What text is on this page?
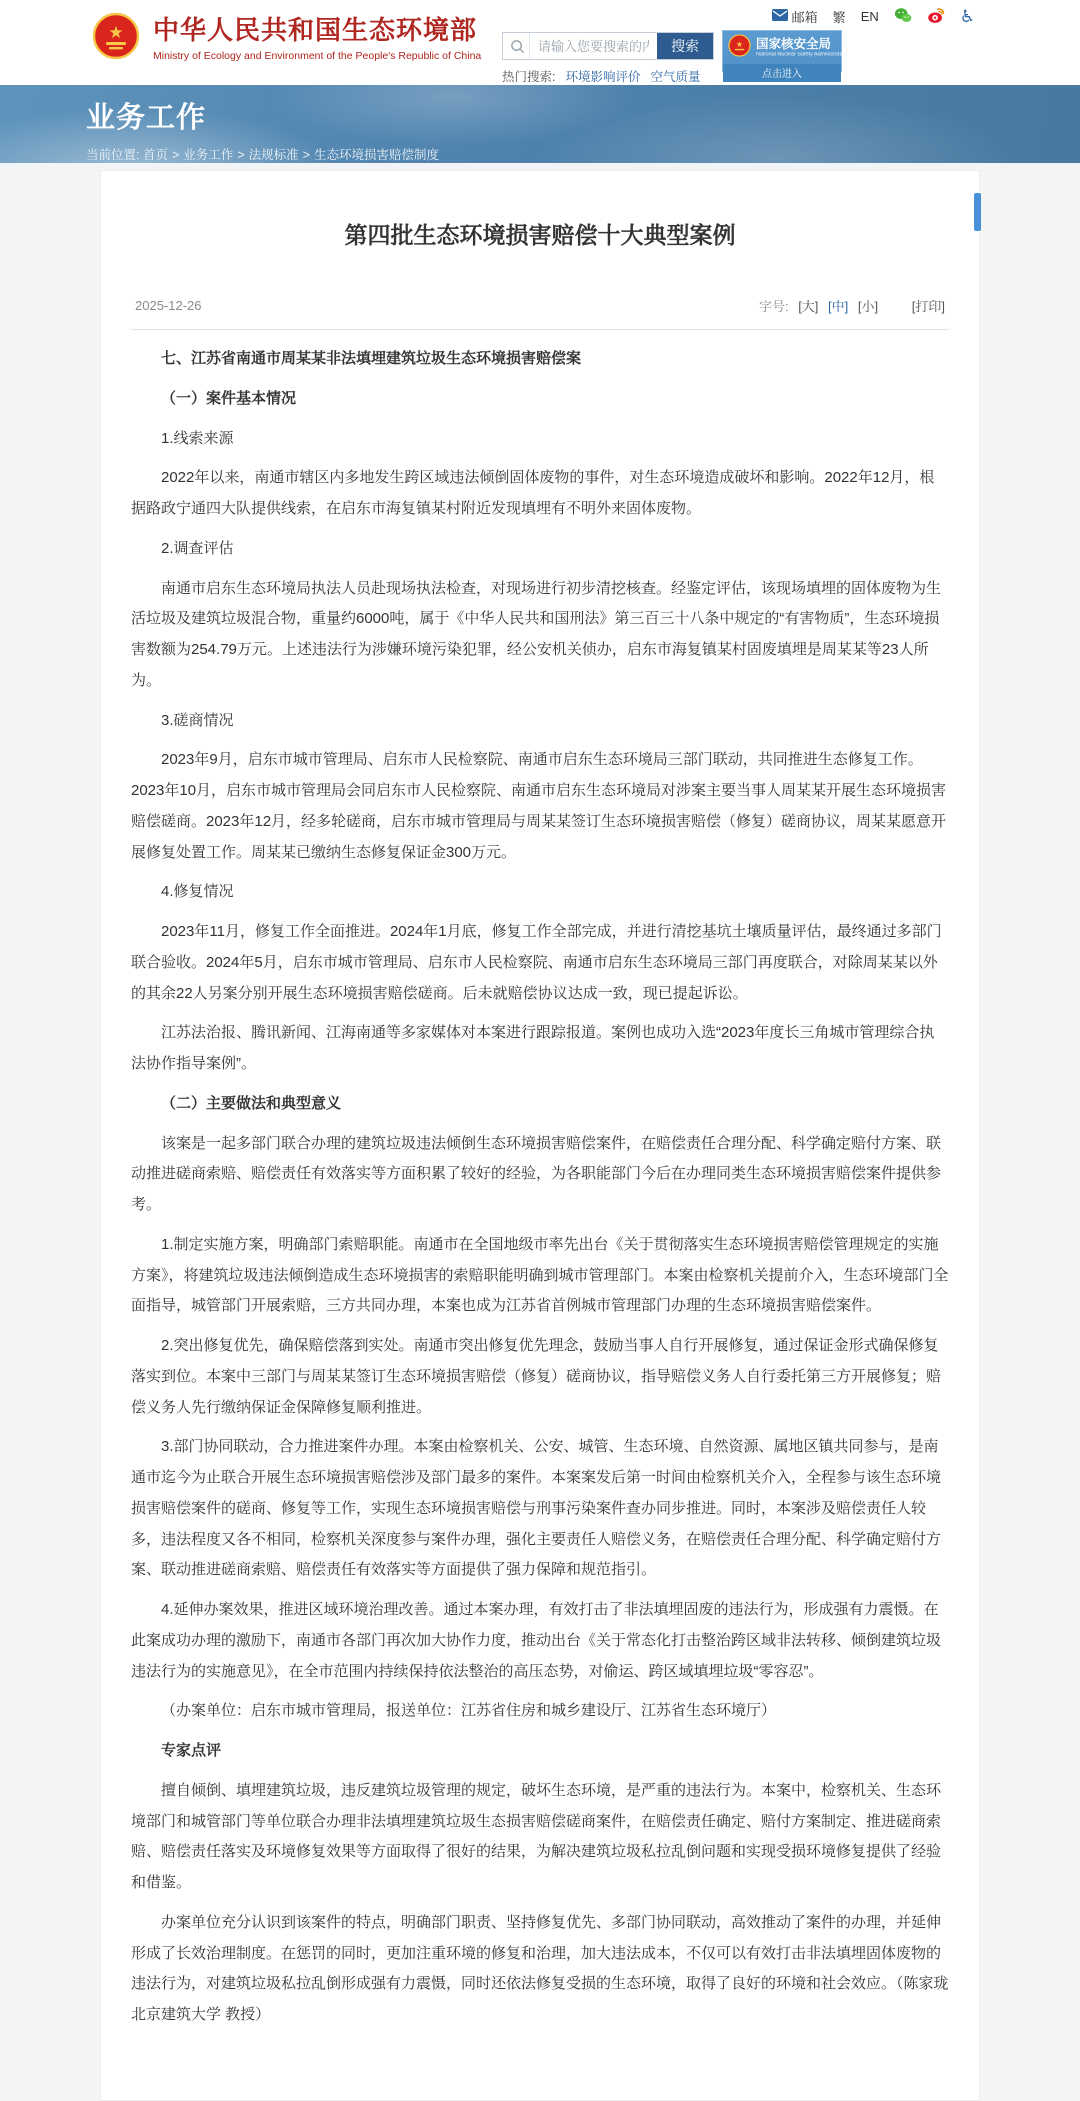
邮箱 繁 EN	♿
★ 中华人民共和国生态环境部
Ministry of Ecology and Environment of the People's Republic of China
请输入您要搜索的内容
搜索
热门搜索: 环境影响评价 空气质量
★ 国家核安全局
National Nuclear Safety Administration
点击进入
业务工作
当前位置: 首页 > 业务工作 > 法规标准 > 生态环境损害赔偿制度
第四批生态环境损害赔偿十大典型案例
2025-12-26	字号: [大] [中] [小]	[打印]

七、江苏省南通市周某某非法填埋建筑垃圾生态环境损害赔偿案

（一）案件基本情况

1.线索来源

2022年以来，南通市辖区内多地发生跨区域违法倾倒固体废物的事件，对生态环境造成破坏和影响。2022年12月，根据路政宁通四大队提供线索，在启东市海复镇某村附近发现填埋有不明外来固体废物。

2.调查评估

南通市启东生态环境局执法人员赴现场执法检查，对现场进行初步清挖核查。经鉴定评估，该现场填埋的固体废物为生活垃圾及建筑垃圾混合物，重量约6000吨，属于《中华人民共和国刑法》第三百三十八条中规定的“有害物质”，生态环境损害数额为254.79万元。上述违法行为涉嫌环境污染犯罪，经公安机关侦办，启东市海复镇某村固废填埋是周某某等23人所为。

3.磋商情况

2023年9月，启东市城市管理局、启东市人民检察院、南通市启东生态环境局三部门联动，共同推进生态修复工作。2023年10月，启东市城市管理局会同启东市人民检察院、南通市启东生态环境局对涉案主要当事人周某某开展生态环境损害赔偿磋商。2023年12月，经多轮磋商，启东市城市管理局与周某某签订生态环境损害赔偿（修复）磋商协议，周某某愿意开展修复处置工作。周某某已缴纳生态修复保证金300万元。

4.修复情况

2023年11月，修复工作全面推进。2024年1月底，修复工作全部完成，并进行清挖基坑土壤质量评估，最终通过多部门联合验收。2024年5月，启东市城市管理局、启东市人民检察院、南通市启东生态环境局三部门再度联合，对除周某某以外的其余22人另案分别开展生态环境损害赔偿磋商。后未就赔偿协议达成一致，现已提起诉讼。

江苏法治报、腾讯新闻、江海南通等多家媒体对本案进行跟踪报道。案例也成功入选“2023年度长三角城市管理综合执法协作指导案例”。

（二）主要做法和典型意义

该案是一起多部门联合办理的建筑垃圾违法倾倒生态环境损害赔偿案件，在赔偿责任合理分配、科学确定赔付方案、联动推进磋商索赔、赔偿责任有效落实等方面积累了较好的经验，为各职能部门今后在办理同类生态环境损害赔偿案件提供参考。

1.制定实施方案，明确部门索赔职能。南通市在全国地级市率先出台《关于贯彻落实生态环境损害赔偿管理规定的实施方案》，将建筑垃圾违法倾倒造成生态环境损害的索赔职能明确到城市管理部门。本案由检察机关提前介入，生态环境部门全面指导，城管部门开展索赔，三方共同办理，本案也成为江苏省首例城市管理部门办理的生态环境损害赔偿案件。

2.突出修复优先，确保赔偿落到实处。南通市突出修复优先理念，鼓励当事人自行开展修复，通过保证金形式确保修复落实到位。本案中三部门与周某某签订生态环境损害赔偿（修复）磋商协议，指导赔偿义务人自行委托第三方开展修复；赔偿义务人先行缴纳保证金保障修复顺利推进。

3.部门协同联动，合力推进案件办理。本案由检察机关、公安、城管、生态环境、自然资源、属地区镇共同参与，是南通市迄今为止联合开展生态环境损害赔偿涉及部门最多的案件。本案案发后第一时间由检察机关介入，全程参与该生态环境损害赔偿案件的磋商、修复等工作，实现生态环境损害赔偿与刑事污染案件查办同步推进。同时，本案涉及赔偿责任人较多，违法程度又各不相同，检察机关深度参与案件办理，强化主要责任人赔偿义务，在赔偿责任合理分配、科学确定赔付方案、联动推进磋商索赔、赔偿责任有效落实等方面提供了强力保障和规范指引。

4.延伸办案效果，推进区域环境治理改善。通过本案办理，有效打击了非法填埋固废的违法行为，形成强有力震慑。在此案成功办理的激励下，南通市各部门再次加大协作力度，推动出台《关于常态化打击整治跨区域非法转移、倾倒建筑垃圾违法行为的实施意见》，在全市范围内持续保持依法整治的高压态势，对偷运、跨区域填埋垃圾“零容忍”。

（办案单位：启东市城市管理局，报送单位：江苏省住房和城乡建设厅、江苏省生态环境厅）

专家点评

擅自倾倒、填埋建筑垃圾，违反建筑垃圾管理的规定，破坏生态环境，是严重的违法行为。本案中，检察机关、生态环境部门和城管部门等单位联合办理非法填埋建筑垃圾生态损害赔偿磋商案件，在赔偿责任确定、赔付方案制定、推进磋商索赔、赔偿责任落实及环境修复效果等方面取得了很好的结果，为解决建筑垃圾私拉乱倒问题和实现受损环境修复提供了经验和借鉴。

办案单位充分认识到该案件的特点，明确部门职责、坚持修复优先、多部门协同联动，高效推动了案件的办理，并延伸形成了长效治理制度。在惩罚的同时，更加注重环境的修复和治理，加大违法成本，不仅可以有效打击非法填埋固体废物的违法行为，对建筑垃圾私拉乱倒形成强有力震慑，同时还依法修复受损的生态环境，取得了良好的环境和社会效应。（陈家珑 北京建筑大学 教授）
